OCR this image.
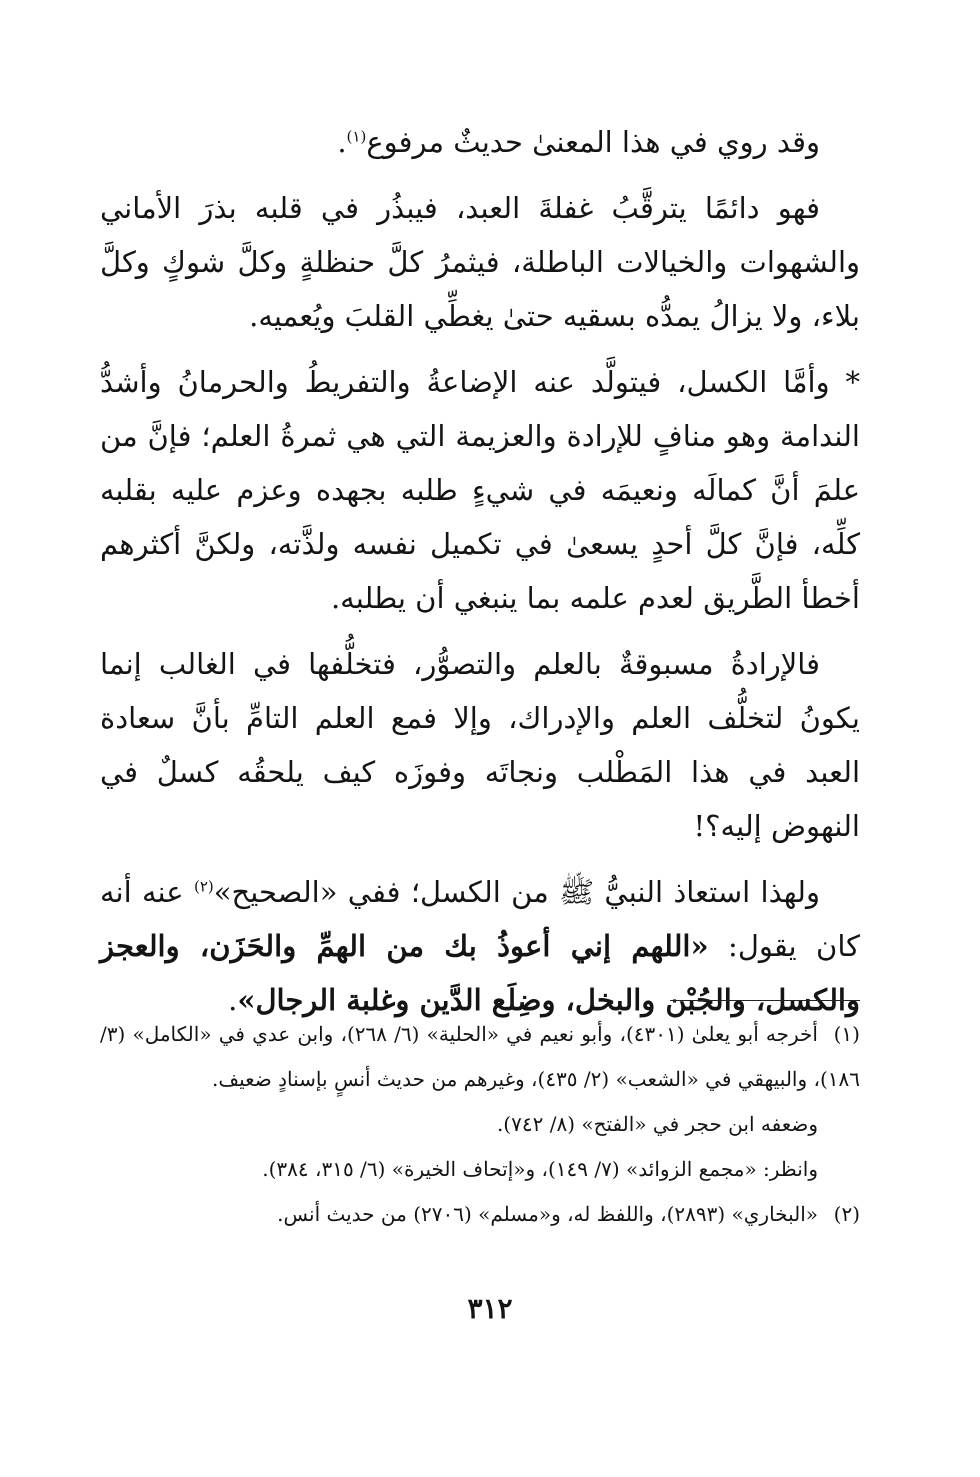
وقد روي في هذا المعنىٰ حديثٌ مرفوع$^{(١)}$.

فهو دائمًا يترقَّبُ غفلةَ العبد، فيبذُر في قلبه بذرَ الأماني والشهوات والخيالات الباطلة، فيثمرُ كلَّ حنظلةٍ وكلَّ شوكٍ وكلَّ بلاء، ولا يزالُ يمدُّه بسقيه حتىٰ يغطِّي القلبَ ويُعميه.

* وأمَّا الكسل، فيتولَّد عنه الإضاعةُ والتفريطُ والحرمانُ وأشدُّ الندامة وهو منافٍ للإرادة والعزيمة التي هي ثمرةُ العلم؛ فإنَّ من علمَ أنَّ كمالَه ونعيمَه في شيءٍ طلبه بجهده وعزم عليه بقلبه كلِّه، فإنَّ كلَّ أحدٍ يسعىٰ في تكميل نفسه ولذَّته، ولكنَّ أكثرهم أخطأ الطَّريق لعدم علمه بما ينبغي أن يطلبه.

فالإرادةُ مسبوقةٌ بالعلم والتصوُّر، فتخلُّفها في الغالب إنما يكونُ لتخلُّف العلم والإدراك، وإلا فمع العلم التامِّ بأنَّ سعادة العبد في هذا المَطْلب ونجاتَه وفوزَه كيف يلحقُه كسلٌ في النهوض إليه؟!

ولهذا استعاذ النبيُّ ﷺ من الكسل؛ ففي «الصحيح»$^{(٢)}$ عنه أنه كان يقول: «اللهم إني أعوذُ بك من الهمِّ والحَزَن، والعجز والكسل، والجُبْن والبخل، وضِلَع الدَّين وغلبة الرجال».

(١)أخرجه أبو يعلىٰ (٤٣٠١)، وأبو نعيم في «الحلية» (٦/ ٢٦٨)، وابن عدي في «الكامل» (٣/ ١٨٦)، والبيهقي في «الشعب» (٢/ ٤٣٥)، وغيرهم من حديث أنسٍ بإسنادٍ ضعيف.

وضعفه ابن حجر في «الفتح» (٨/ ٧٤٢).

وانظر: «مجمع الزوائد» (٧/ ١٤٩)، و«إتحاف الخيرة» (٦/ ٣١٥، ٣٨٤).

(٢)«البخاري» (٢٨٩٣)، واللفظ له، و«مسلم» (٢٧٠٦) من حديث أنس.

٣١٢
